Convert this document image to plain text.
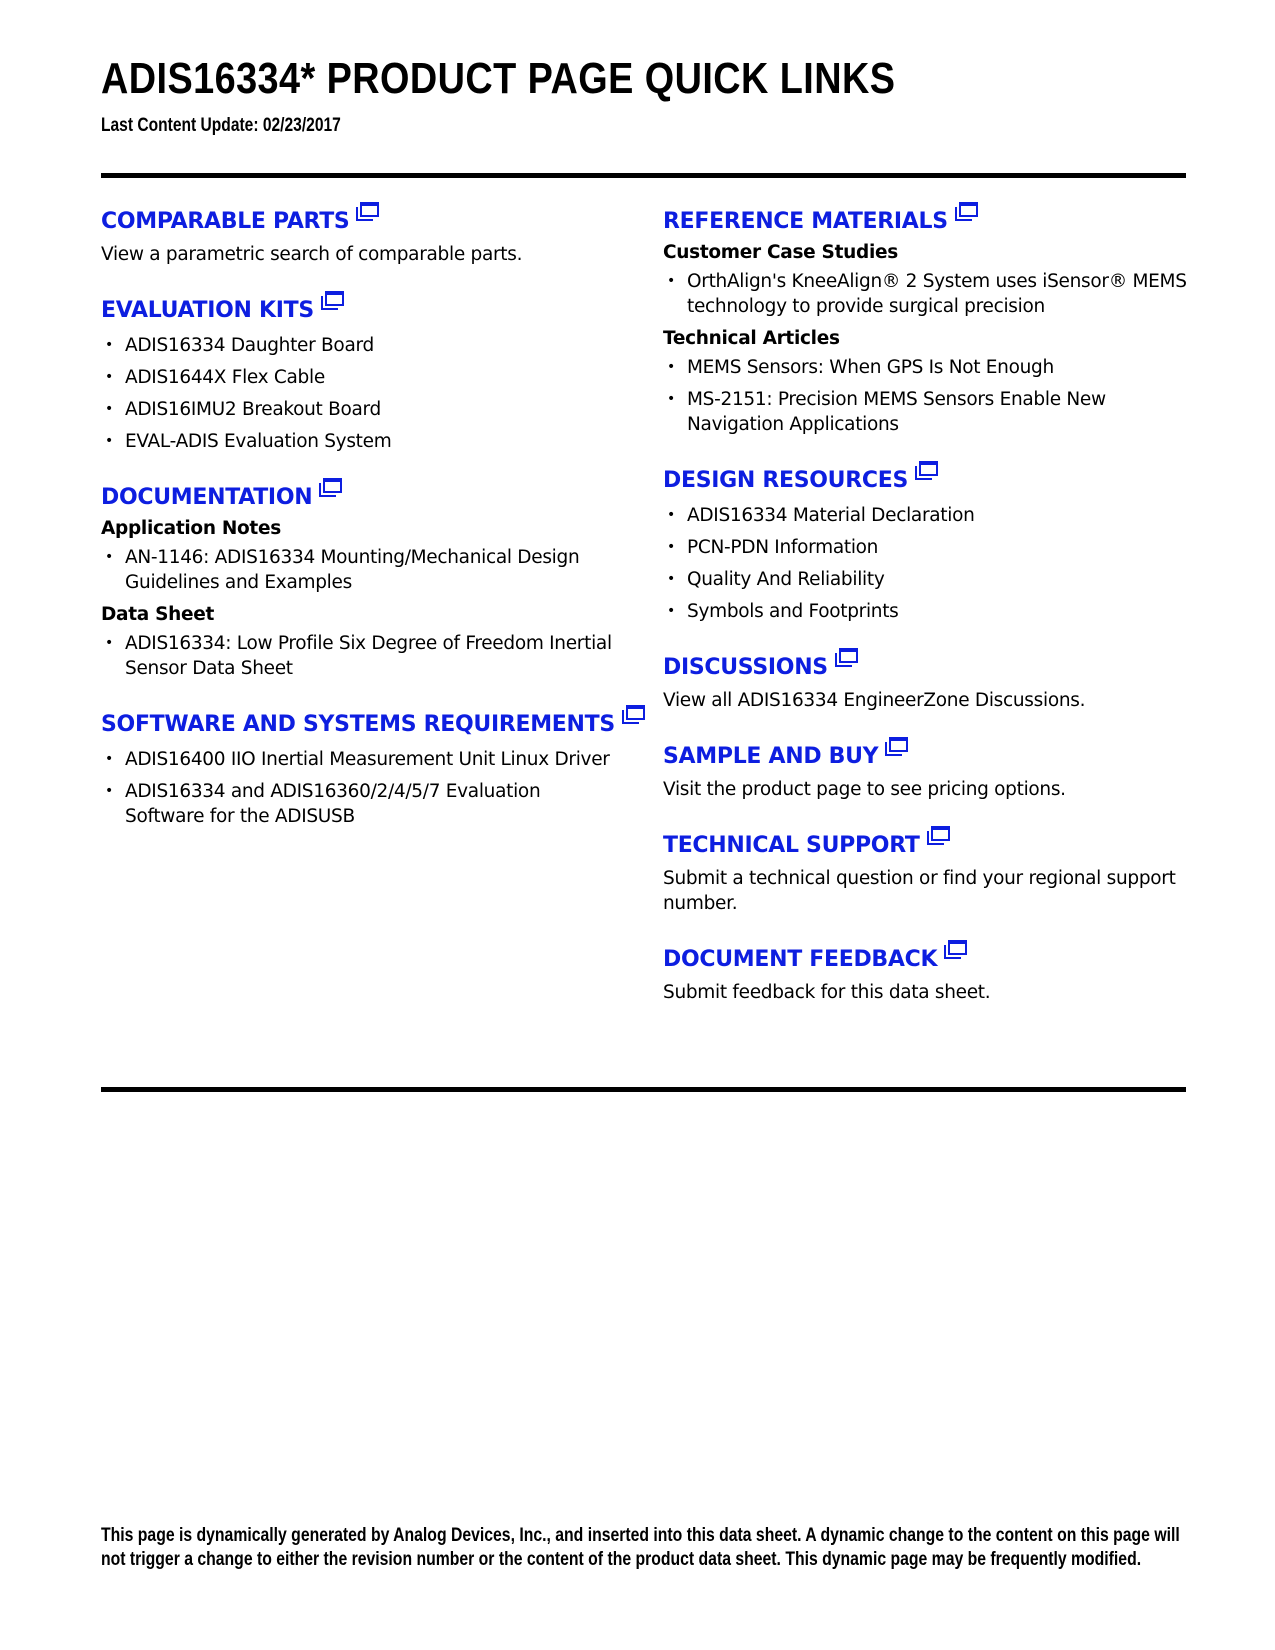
ADIS16334* PRODUCT PAGE QUICK LINKS
Last Content Update: 02/23/2017
COMPARABLE PARTS
View a parametric search of comparable parts.
EVALUATION KITS
• ADIS16334 Daughter Board
• ADIS1644X Flex Cable
• ADIS16IMU2 Breakout Board
• EVAL-ADIS Evaluation System
DOCUMENTATION
Application Notes
• AN-1146: ADIS16334 Mounting/Mechanical Design Guidelines and Examples
Data Sheet
• ADIS16334: Low Profile Six Degree of Freedom Inertial Sensor Data Sheet
SOFTWARE AND SYSTEMS REQUIREMENTS
• ADIS16400 IIO Inertial Measurement Unit Linux Driver
• ADIS16334 and ADIS16360/2/4/5/7 Evaluation Software for the ADISUSB
REFERENCE MATERIALS
Customer Case Studies
• OrthAlign's KneeAlign® 2 System uses iSensor® MEMS technology to provide surgical precision
Technical Articles
• MEMS Sensors: When GPS Is Not Enough
• MS-2151: Precision MEMS Sensors Enable New Navigation Applications
DESIGN RESOURCES
• ADIS16334 Material Declaration
• PCN-PDN Information
• Quality And Reliability
• Symbols and Footprints
DISCUSSIONS
View all ADIS16334 EngineerZone Discussions.
SAMPLE AND BUY
Visit the product page to see pricing options.
TECHNICAL SUPPORT
Submit a technical question or find your regional support number.
DOCUMENT FEEDBACK
Submit feedback for this data sheet.
This page is dynamically generated by Analog Devices, Inc., and inserted into this data sheet. A dynamic change to the content on this page will not trigger a change to either the revision number or the content of the product data sheet. This dynamic page may be frequently modified.
